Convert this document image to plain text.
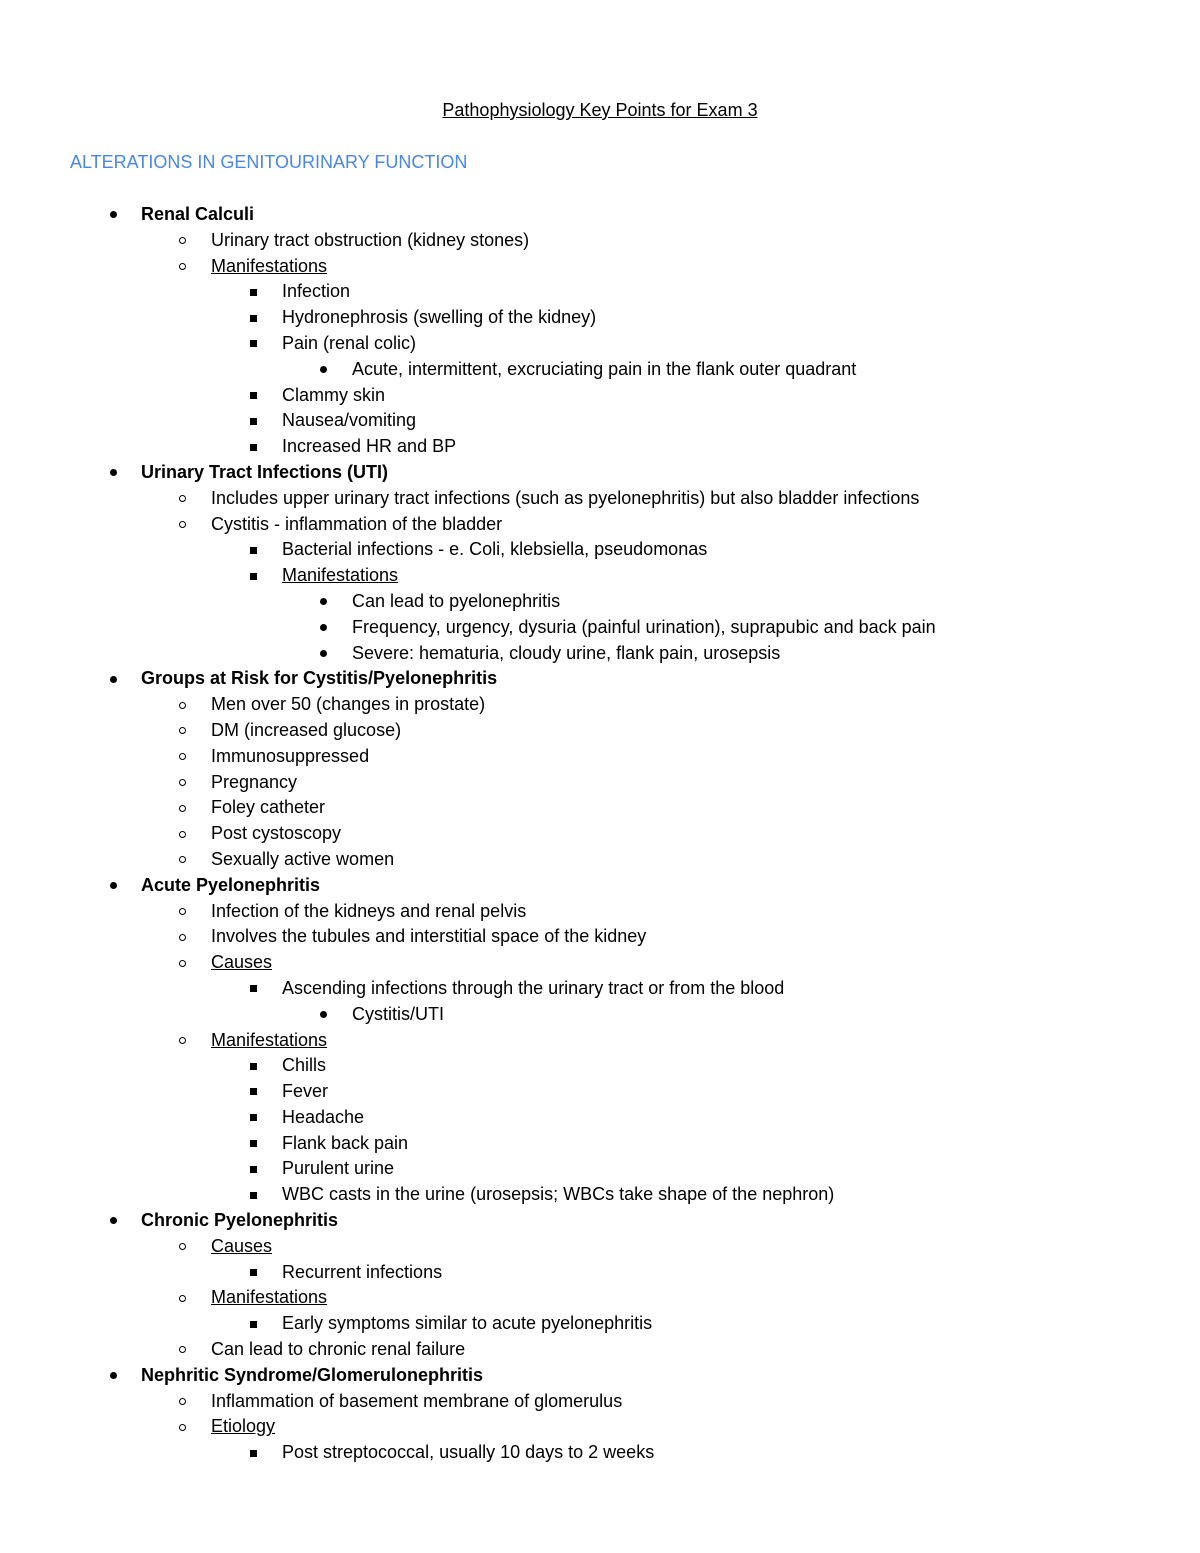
Pathophysiology Key Points for Exam 3
ALTERATIONS IN GENITOURINARY FUNCTION
Renal Calculi
Urinary tract obstruction (kidney stones)
Manifestations
Infection
Hydronephrosis (swelling of the kidney)
Pain (renal colic)
Acute, intermittent, excruciating pain in the flank outer quadrant
Clammy skin
Nausea/vomiting
Increased HR and BP
Urinary Tract Infections (UTI)
Includes upper urinary tract infections (such as pyelonephritis) but also bladder infections
Cystitis - inflammation of the bladder
Bacterial infections - e. Coli, klebsiella, pseudomonas
Manifestations
Can lead to pyelonephritis
Frequency, urgency, dysuria (painful urination), suprapubic and back pain
Severe: hematuria, cloudy urine, flank pain, urosepsis
Groups at Risk for Cystitis/Pyelonephritis
Men over 50 (changes in prostate)
DM (increased glucose)
Immunosuppressed
Pregnancy
Foley catheter
Post cystoscopy
Sexually active women
Acute Pyelonephritis
Infection of the kidneys and renal pelvis
Involves the tubules and interstitial space of the kidney
Causes
Ascending infections through the urinary tract or from the blood
Cystitis/UTI
Manifestations
Chills
Fever
Headache
Flank back pain
Purulent urine
WBC casts in the urine (urosepsis; WBCs take shape of the nephron)
Chronic Pyelonephritis
Causes
Recurrent infections
Manifestations
Early symptoms similar to acute pyelonephritis
Can lead to chronic renal failure
Nephritic Syndrome/Glomerulonephritis
Inflammation of basement membrane of glomerulus
Etiology
Post streptococcal, usually 10 days to 2 weeks
